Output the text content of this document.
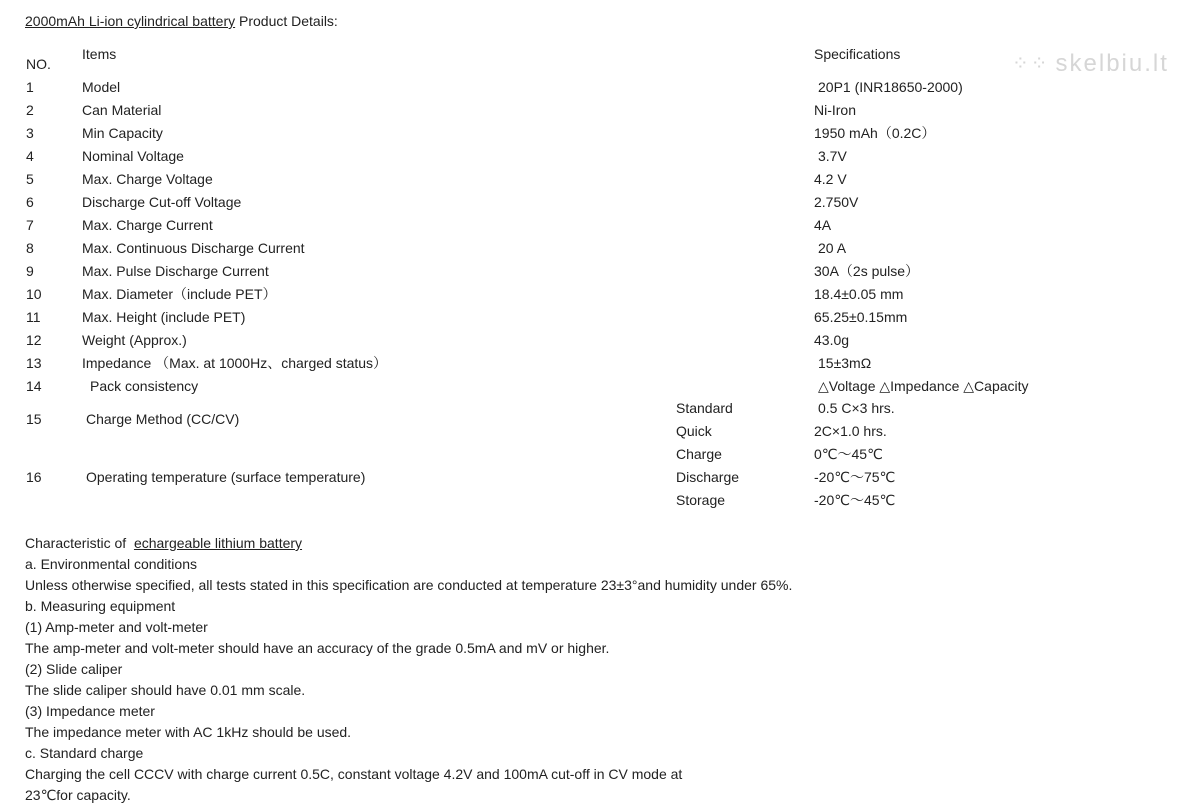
2000mAh Li-ion cylindrical battery Product Details:
⁘⁘ skelbiu.lt
NO.
Items	Specifications
1	Model	20P1 (INR18650-2000)
2	Can Material	Ni-Iron
3	Min Capacity	1950 mAh（0.2C）
4	Nominal Voltage	3.7V
5	Max. Charge Voltage	4.2 V
6	Discharge Cut-off Voltage	2.750V
7	Max. Charge Current	4A
8	Max. Continuous Discharge Current	20 A
9	Max. Pulse Discharge Current	30A（2s pulse）
10	Max. Diameter（include PET）	18.4±0.05 mm
11	Max. Height (include PET)	65.25±0.15mm
12	Weight (Approx.)	43.0g
13	Impedance （Max. at 1000Hz、charged status）	15±3mΩ
14	Pack consistency	△Voltage △Impedance △Capacity
15	Charge Method (CC/CV)
Standard	0.5 C×3 hrs.
Quick	2C×1.0 hrs.
16	Operating temperature (surface temperature)
Charge	0℃～45℃
Discharge	-20℃～75℃
Storage	-20℃～45℃
Characteristic of  echargeable lithium battery
a. Environmental conditions
Unless otherwise specified, all tests stated in this specification are conducted at temperature 23±3°and humidity under 65%.
b. Measuring equipment
(1) Amp-meter and volt-meter
The amp-meter and volt-meter should have an accuracy of the grade 0.5mA and mV or higher.
(2) Slide caliper
The slide caliper should have 0.01 mm scale.
(3) Impedance meter
The impedance meter with AC 1kHz should be used.
c. Standard charge
Charging the cell CCCV with charge current 0.5C, constant voltage 4.2V and 100mA cut-off in CV mode at
23℃for capacity.
